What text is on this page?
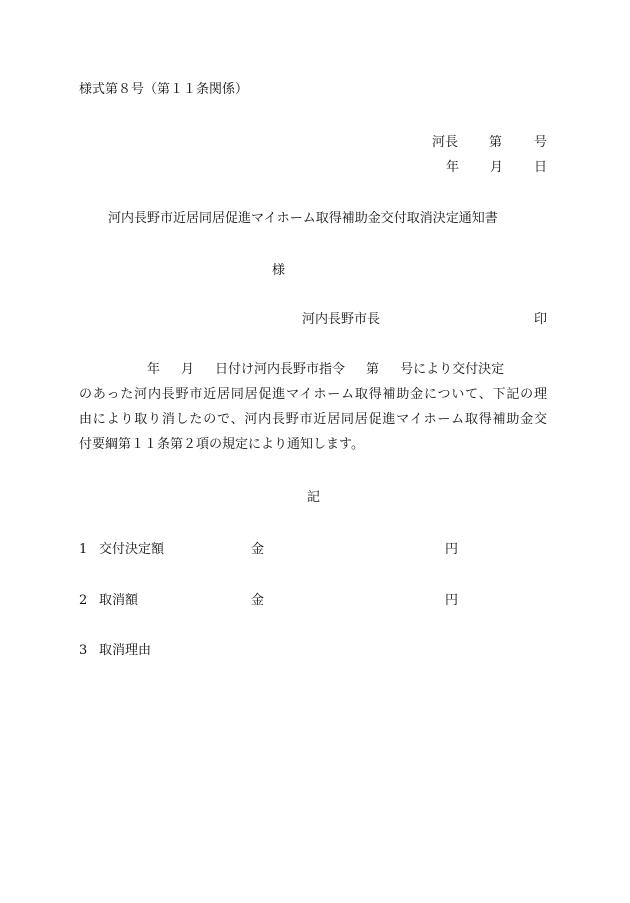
様式第８号（第１１条関係）
河長 第 号
年 月 日
河内長野市近居同居促進マイホーム取得補助金交付取消決定通知書
様
河内長野市長	印
年 月 日付け河内長野市指令 第 号により交付決定
のあった河内長野市近居同居促進マイホーム取得補助金について、下記の理
由により取り消したので、河内長野市近居同居促進マイホーム取得補助金交
付要綱第１１条第２項の規定により通知します。
記
1 交付決定額	金	円
2 取消額	金	円
3 取消理由
